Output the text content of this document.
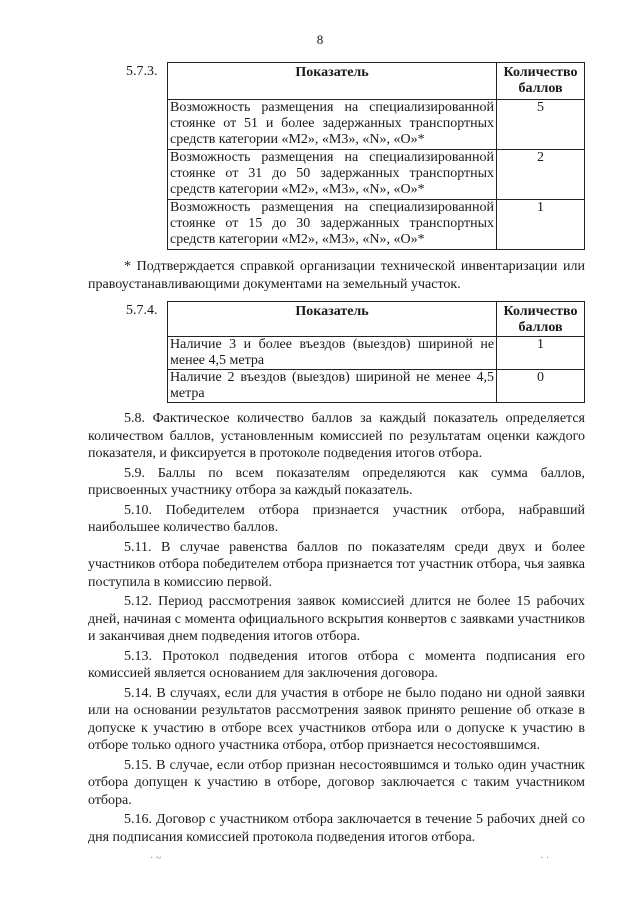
8
5.7.3.	Показатель	Количество баллов
Возможность размещения на специализированной стоянке от 51 и более задержанных транспортных средств категории «М2», «М3», «N», «О»*	5
Возможность размещения на специализированной стоянке от 31 до 50 задержанных транспортных средств категории «М2», «М3», «N», «О»*	2
Возможность размещения на специализированной стоянке от 15 до 30 задержанных транспортных средств категории «М2», «М3», «N», «О»*	1
* Подтверждается справкой организации технической инвентаризации или правоустанавливающими документами на земельный участок.
5.7.4.	Показатель	Количество баллов
Наличие 3 и более въездов (выездов) шириной не менее 4,5 метра	1
Наличие 2 въездов (выездов) шириной не менее 4,5 метра	0

5.8. Фактическое количество баллов за каждый показатель определяется количеством баллов, установленным комиссией по результатам оценки каждого показателя, и фиксируется в протоколе подведения итогов отбора.

5.9. Баллы по всем показателям определяются как сумма баллов, присвоенных участнику отбора за каждый показатель.

5.10. Победителем отбора признается участник отбора, набравший наибольшее количество баллов.

5.11. В случае равенства баллов по показателям среди двух и более участников отбора победителем отбора признается тот участник отбора, чья заявка поступила в комиссию первой.

5.12. Период рассмотрения заявок комиссией длится не более 15 рабочих дней, начиная с момента официального вскрытия конвертов с заявками участников и заканчивая днем подведения итогов отбора.

5.13. Протокол подведения итогов отбора с момента подписания его комиссией является основанием для заключения договора.

5.14. В случаях, если для участия в отборе не было подано ни одной заявки или на основании результатов рассмотрения заявок принято решение об отказе в допуске к участию в отборе всех участников отбора или о допуске к участию в отборе только одного участника отбора, отбор признается несостоявшимся.

5.15. В случае, если отбор признан несостоявшимся и только один участник отбора допущен к участию в отборе, договор заключается с таким участником отбора.

5.16. Договор с участником отбора заключается в течение 5 рабочих дней со дня подписания комиссией протокола подведения итогов отбора.

· ~	· ·
